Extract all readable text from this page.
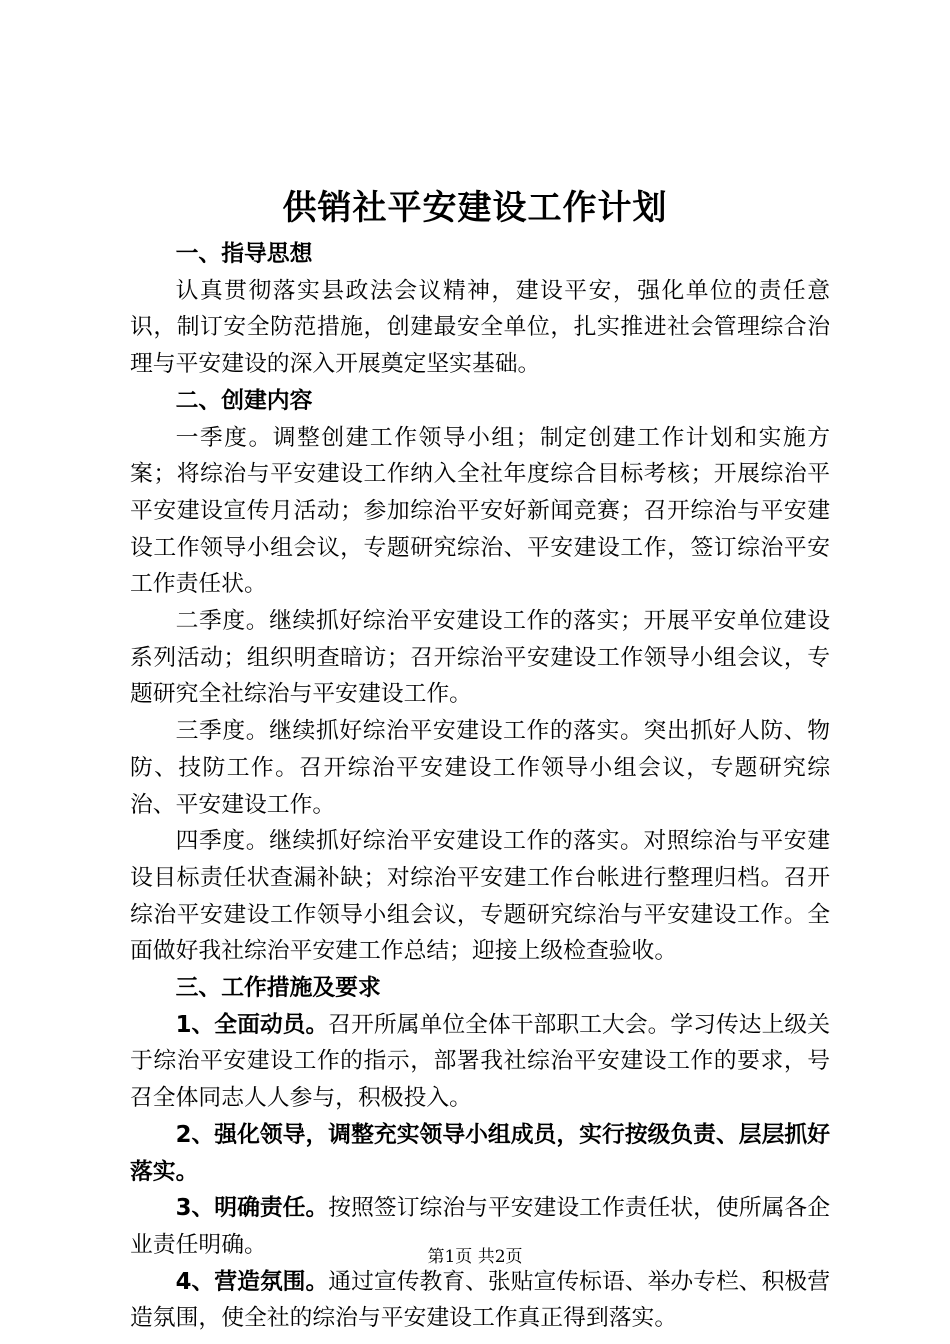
供销社平安建设工作计划

一、指导思想

认真贯彻落实县政法会议精神，建设平安，强化单位的责任意识，制订安全防范措施，创建最安全单位，扎实推进社会管理综合治理与平安建设的深入开展奠定坚实基础。

二、创建内容

一季度。调整创建工作领导小组；制定创建工作计划和实施方案；将综治与平安建设工作纳入全社年度综合目标考核；开展综治平平安建设宣传月活动；参加综治平安好新闻竞赛；召开综治与平安建设工作领导小组会议，专题研究综治、平安建设工作，签订综治平安工作责任状。

二季度。继续抓好综治平安建设工作的落实；开展平安单位建设系列活动；组织明查暗访；召开综治平安建设工作领导小组会议，专题研究全社综治与平安建设工作。

三季度。继续抓好综治平安建设工作的落实。突出抓好人防、物防、技防工作。召开综治平安建设工作领导小组会议，专题研究综治、平安建设工作。

四季度。继续抓好综治平安建设工作的落实。对照综治与平安建设目标责任状查漏补缺；对综治平安建工作台帐进行整理归档。召开综治平安建设工作领导小组会议，专题研究综治与平安建设工作。全面做好我社综治平安建工作总结；迎接上级检查验收。

三、工作措施及要求

1、全面动员。召开所属单位全体干部职工大会。学习传达上级关于综治平安建设工作的指示，部署我社综治平安建设工作的要求，号召全体同志人人参与，积极投入。

2、强化领导，调整充实领导小组成员，实行按级负责、层层抓好落实。

3、明确责任。按照签订综治与平安建设工作责任状，使所属各企业责任明确。

4、营造氛围。通过宣传教育、张贴宣传标语、举办专栏、积极营造氛围，使全社的综治与平安建设工作真正得到落实。

第1页 共2页
